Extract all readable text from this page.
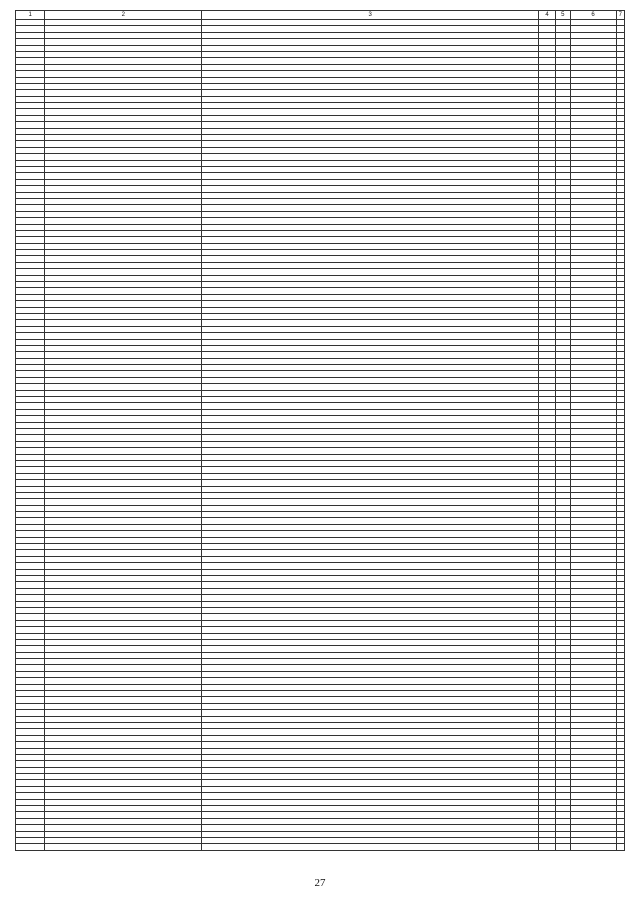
1	2	3	4	5	6	7

27
